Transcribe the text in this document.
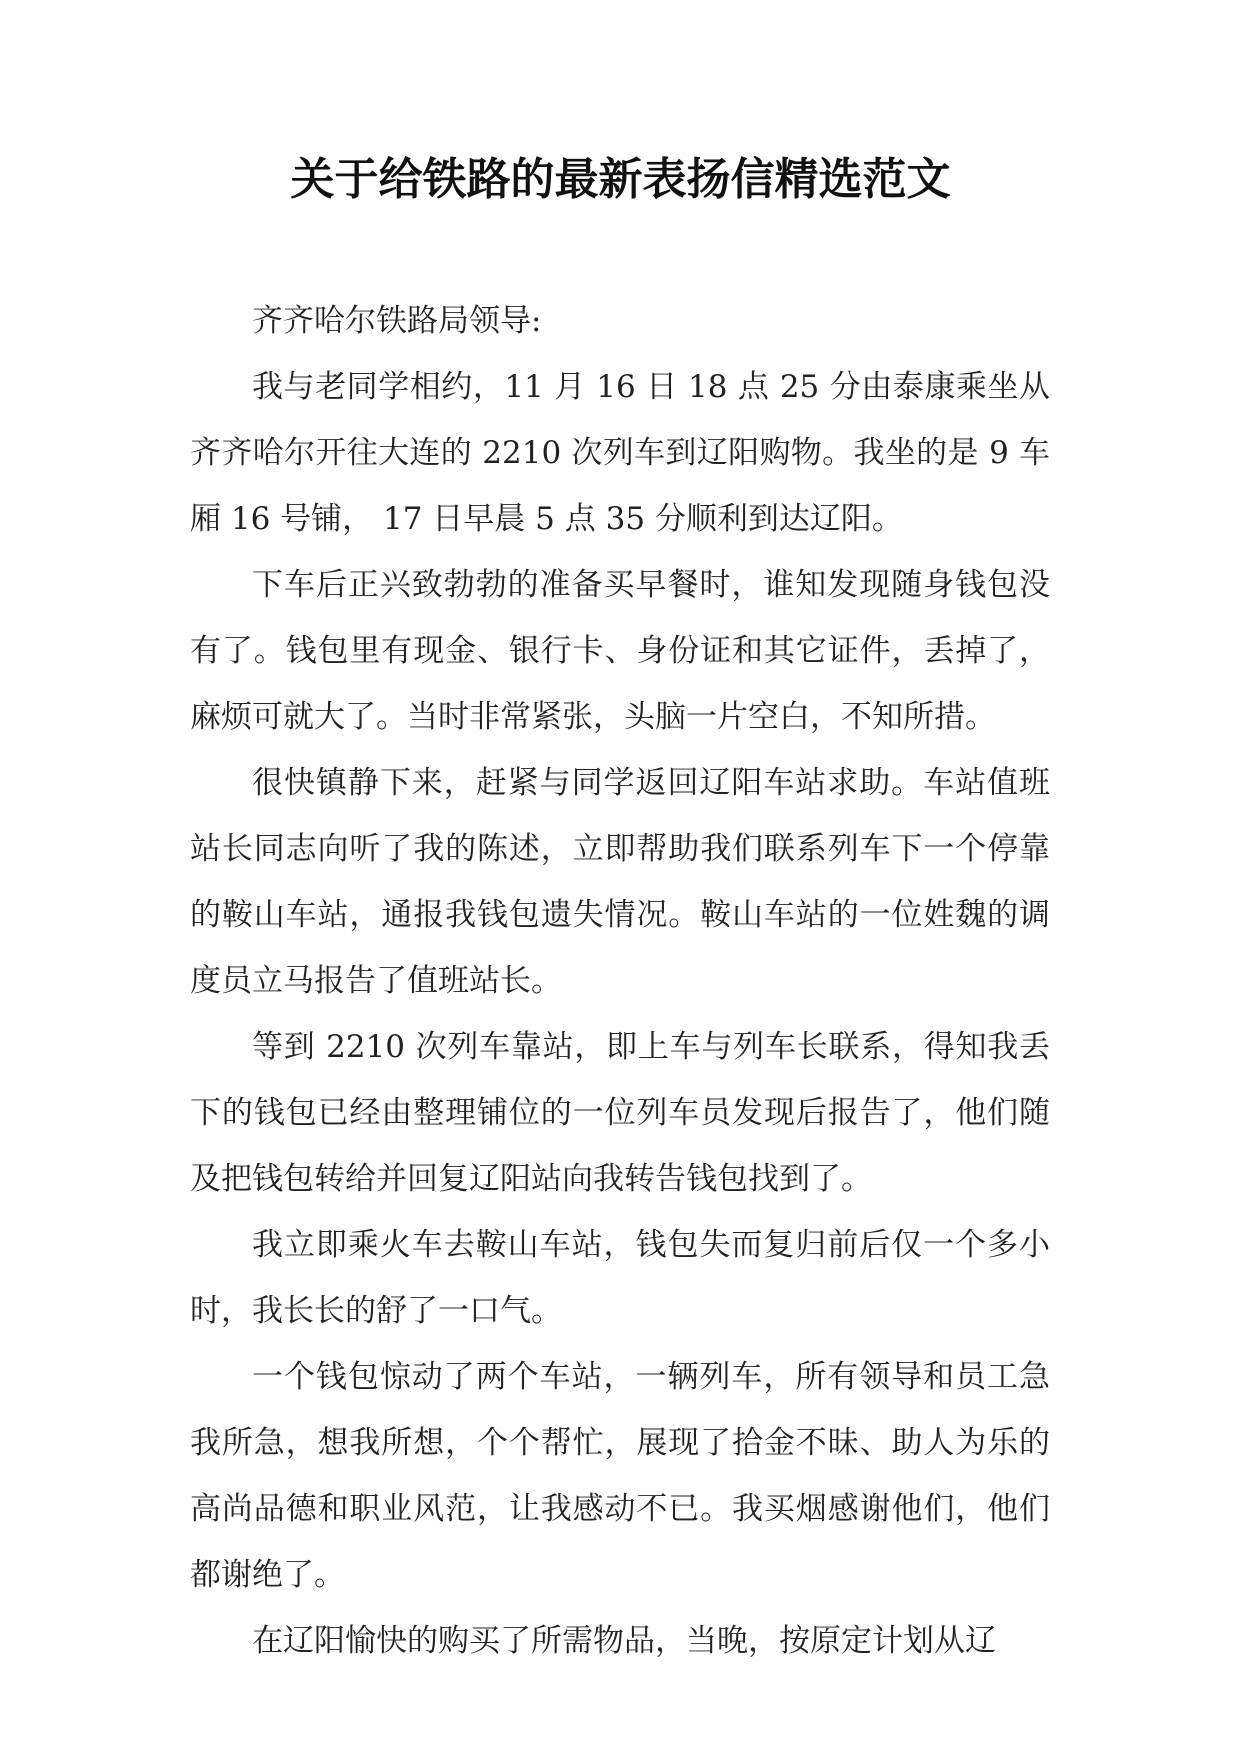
关于给铁路的最新表扬信精选范文

齐齐哈尔铁路局领导:

我与老同学相约，11 月 16 日 18 点 25 分由泰康乘坐从齐齐哈尔开往大连的 2210 次列车到辽阳购物。我坐的是 9 车厢 16 号铺， 17 日早晨 5 点 35 分顺利到达辽阳。

下车后正兴致勃勃的准备买早餐时，谁知发现随身钱包没有了。钱包里有现金、银行卡、身份证和其它证件，丢掉了，麻烦可就大了。当时非常紧张，头脑一片空白，不知所措。

很快镇静下来，赶紧与同学返回辽阳车站求助。车站值班站长同志向听了我的陈述，立即帮助我们联系列车下一个停靠的鞍山车站，通报我钱包遗失情况。鞍山车站的一位姓魏的调度员立马报告了值班站长。

等到 2210 次列车靠站，即上车与列车长联系，得知我丢下的钱包已经由整理铺位的一位列车员发现后报告了，他们随及把钱包转给并回复辽阳站向我转告钱包找到了。

我立即乘火车去鞍山车站，钱包失而复归前后仅一个多小时，我长长的舒了一口气。

一个钱包惊动了两个车站，一辆列车，所有领导和员工急我所急，想我所想，个个帮忙，展现了拾金不昧、助人为乐的高尚品德和职业风范，让我感动不已。我买烟感谢他们，他们都谢绝了。

在辽阳愉快的购买了所需物品，当晚，按原定计划从辽
